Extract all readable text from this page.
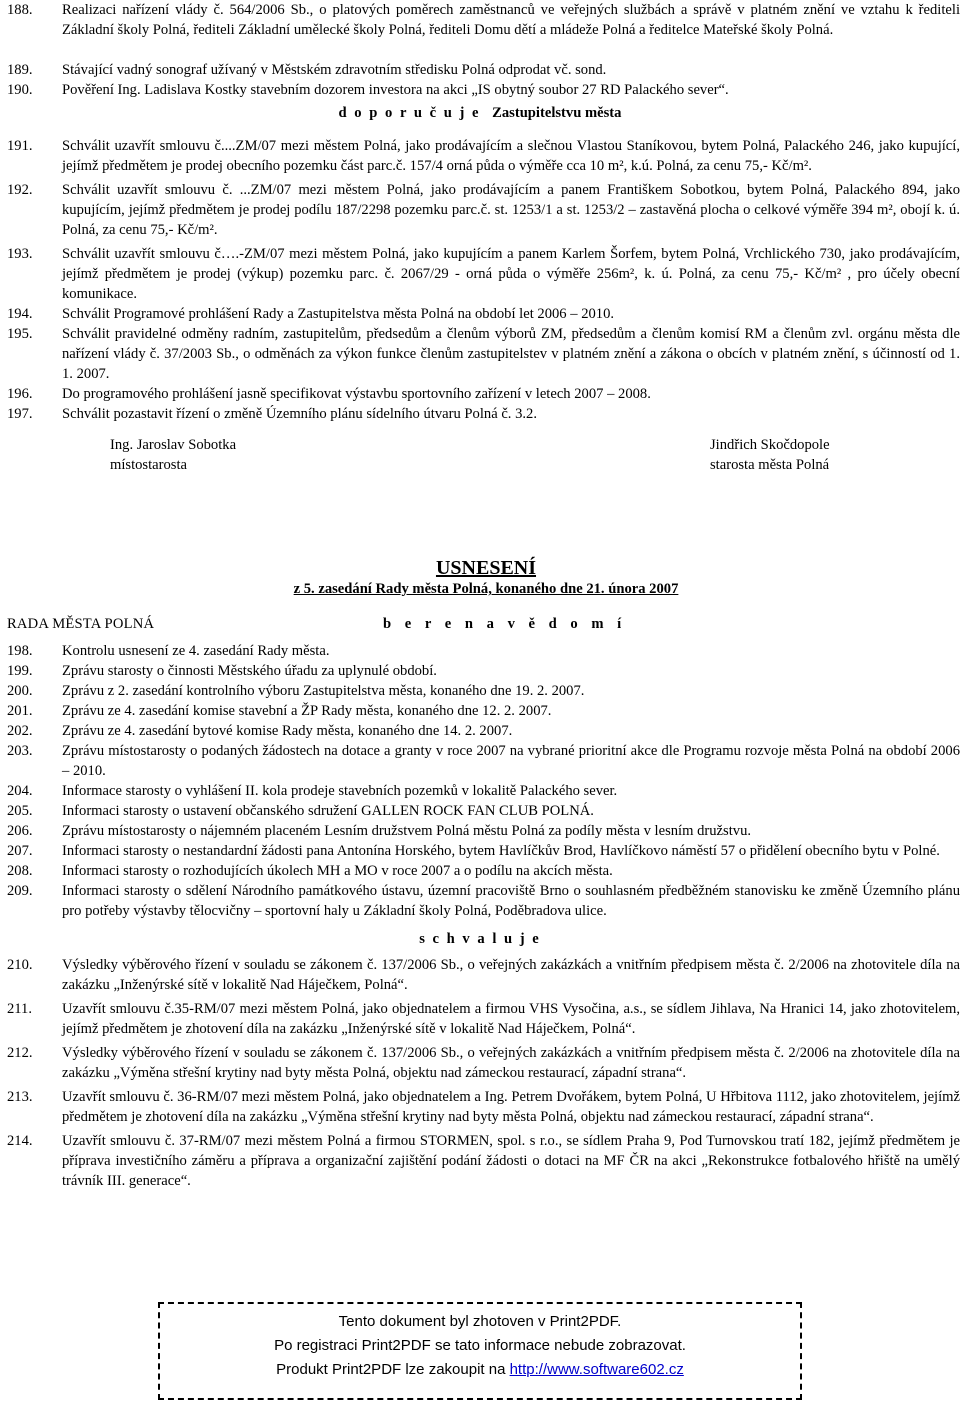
188. Realizaci nařízení vlády č. 564/2006 Sb., o platových poměrech zaměstnanců ve veřejných službách a správě v platném znění ve vztahu k řediteli Základní školy Polná, řediteli Základní umělecké školy Polná, řediteli Domu dětí a mládeže Polná a ředitelce Mateřské školy Polná.
189. Stávající vadný sonograf užívaný v Městském zdravotním středisku Polná odprodat vč. sond.
190. Pověření Ing. Ladislava Kostky stavebním dozorem investora na akci „IS obytný soubor 27 RD Palackého sever“.
d o p o r u č u j e Zastupitelstvu města
191. Schválit uzavřít smlouvu č....ZM/07 mezi městem Polná, jako prodávajícím a slečnou Vlastou Staníkovou, bytem Polná, Palackého 246, jako kupující, jejímž předmětem je prodej obecního pozemku část parc.č. 157/4 orná půda o výměře cca 10 m², k.ú. Polná, za cenu 75,- Kč/m².
192. Schválit uzavřít smlouvu č. ...ZM/07 mezi městem Polná, jako prodávajícím a panem Františkem Sobotkou, bytem Polná, Palackého 894, jako kupujícím, jejímž předmětem je prodej podílu 187/2298 pozemku parc.č. st. 1253/1 a st. 1253/2 – zastavěná plocha o celkové výměře 394 m², obojí k. ú. Polná, za cenu 75,- Kč/m².
193. Schválit uzavřít smlouvu č….-ZM/07 mezi městem Polná, jako kupujícím a panem Karlem Šorfem, bytem Polná, Vrchlického 730, jako prodávajícím, jejímž předmětem je prodej (výkup) pozemku parc. č. 2067/29 - orná půda o výměře 256m², k. ú. Polná, za cenu 75,- Kč/m² , pro účely obecní komunikace.
194. Schválit Programové prohlášení Rady a Zastupitelstva města Polná na období let 2006 – 2010.
195. Schválit pravidelné odměny radním, zastupitelům, předsedům a členům výborů ZM, předsedům a členům komisí RM a členům zvl. orgánu města dle nařízení vlády č. 37/2003 Sb., o odměnách za výkon funkce členům zastupitelstev v platném znění a zákona o obcích v platném znění, s účinností od 1. 1. 2007.
196. Do programového prohlášení jasně specifikovat výstavbu sportovního zařízení v letech 2007 – 2008.
197. Schválit pozastavit řízení o změně Územního plánu sídelního útvaru Polná č. 3.2.
Ing. Jaroslav Sobotka
místostarosta
Jindřich Skočdopole
starosta města Polná
USNESENÍ
z 5. zasedání Rady města Polná, konaného dne 21. února 2007
RADA MĚSTA POLNÁ	b e r e n a v ě d o m í
198. Kontrolu usnesení ze 4. zasedání Rady města.
199. Zprávu starosty o činnosti Městského úřadu za uplynulé období.
200. Zprávu z 2. zasedání kontrolního výboru Zastupitelstva města, konaného dne 19. 2. 2007.
201. Zprávu ze 4. zasedání komise stavební a ŽP Rady města, konaného dne 12. 2. 2007.
202. Zprávu ze 4. zasedání bytové komise Rady města, konaného dne 14. 2. 2007.
203. Zprávu místostarosty o podaných žádostech na dotace a granty v roce 2007 na vybrané prioritní akce dle Programu rozvoje města Polná na období 2006 – 2010.
204. Informace starosty o vyhlášení II. kola prodeje stavebních pozemků v lokalitě Palackého sever.
205. Informaci starosty o ustavení občanského sdružení GALLEN ROCK FAN CLUB POLNÁ.
206. Zprávu místostarosty o nájemném placeném Lesním družstvem Polná městu Polná za podíly města v lesním družstvu.
207. Informaci starosty o nestandardní žádosti pana Antonína Horského, bytem Havlíčkův Brod, Havlíčkovo náměstí 57 o přidělení obecního bytu v Polné.
208. Informaci starosty o rozhodujících úkolech MH a MO v roce 2007 a o podílu na akcích města.
209. Informaci starosty o sdělení Národního památkového ústavu, územní pracoviště Brno o souhlasném předběžném stanovisku ke změně Územního plánu pro potřeby výstavby tělocvičny – sportovní haly u Základní školy Polná, Poděbradova ulice.
s c h v a l u j e
210. Výsledky výběrového řízení v souladu se zákonem č. 137/2006 Sb., o veřejných zakázkách a vnitřním předpisem města č. 2/2006 na zhotovitele díla na zakázku „Inženýrské sítě v lokalitě Nad Háječkem, Polná“.
211. Uzavřít smlouvu č.35-RM/07 mezi městem Polná, jako objednatelem a firmou VHS Vysočina, a.s., se sídlem Jihlava, Na Hranici 14, jako zhotovitelem, jejímž předmětem je zhotovení díla na zakázku „Inženýrské sítě v lokalitě Nad Háječkem, Polná“.
212. Výsledky výběrového řízení v souladu se zákonem č. 137/2006 Sb., o veřejných zakázkách a vnitřním předpisem města č. 2/2006 na zhotovitele díla na zakázku „Výměna střešní krytiny nad byty města Polná, objektu nad zámeckou restaurací, západní strana“.
213. Uzavřít smlouvu č. 36-RM/07 mezi městem Polná, jako objednatelem a Ing. Petrem Dvořákem, bytem Polná, U Hřbitova 1112, jako zhotovitelem, jejímž předmětem je zhotovení díla na zakázku „Výměna střešní krytiny nad byty města Polná, objektu nad zámeckou restaurací, západní strana“.
214. Uzavřít smlouvu č. 37-RM/07 mezi městem Polná a firmou STORMEN, spol. s r.o., se sídlem Praha 9, Pod Turnovskou tratí 182, jejímž předmětem je příprava investičního záměru a příprava a organizační zajištění podání žádosti o dotaci na MF ČR na akci „Rekonstrukce fotbalového hřiště na umělý trávník III. generace“.
Tento dokument byl zhotoven v Print2PDF.
Po registraci Print2PDF se tato informace nebude zobrazovat.
Produkt Print2PDF lze zakoupit na http://www.software602.cz
